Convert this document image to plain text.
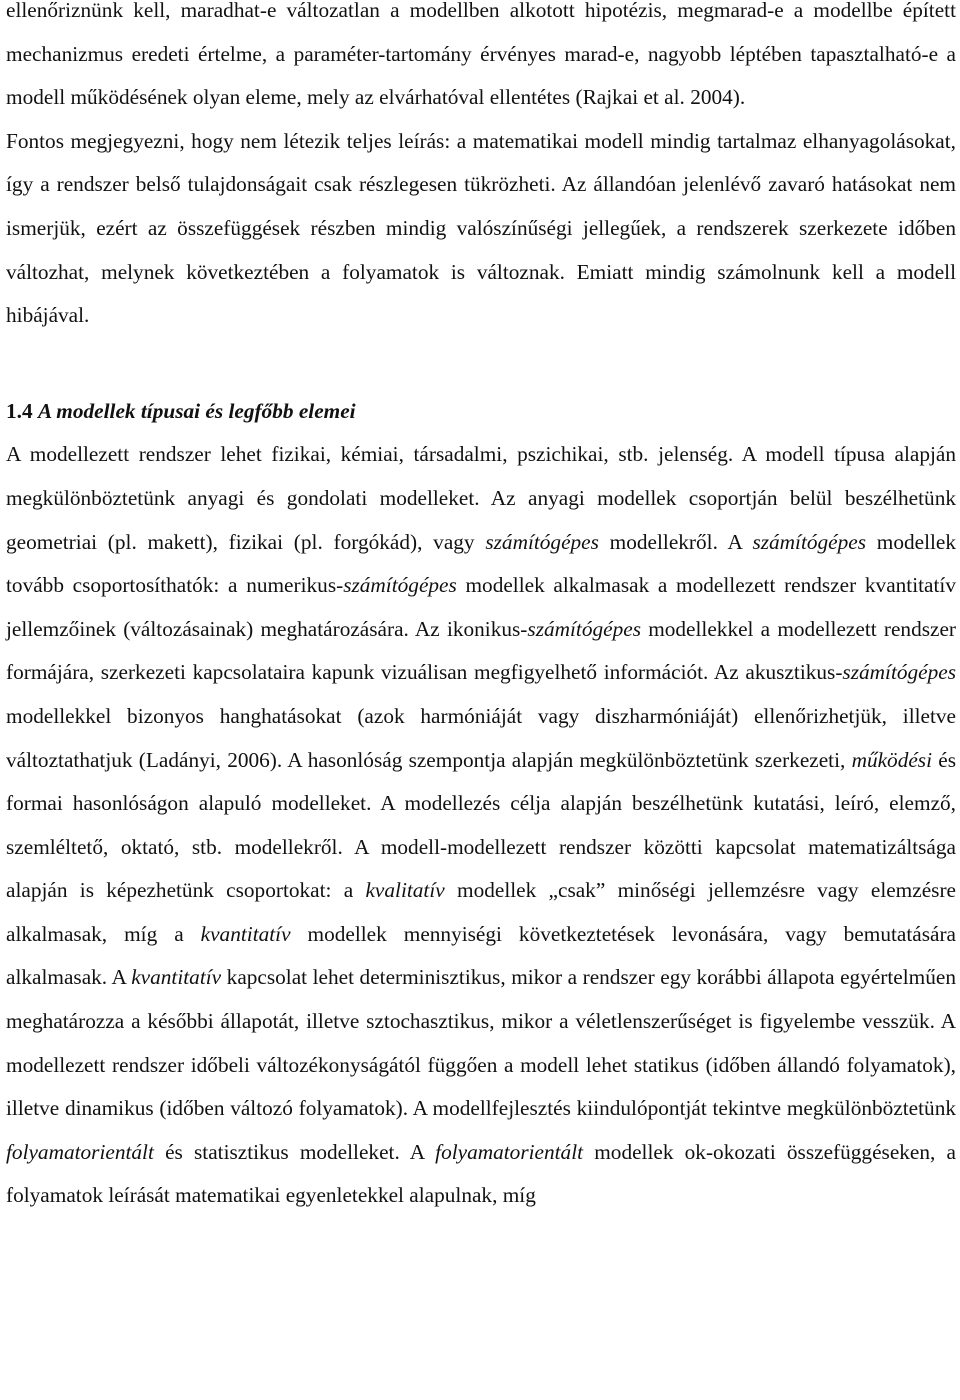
ellenőriznünk kell, maradhat-e változatlan a modellben alkotott hipotézis, megmarad-e a modellbe épített mechanizmus eredeti értelme, a paraméter-tartomány érvényes marad-e, nagyobb léptében tapasztalható-e a modell működésének olyan eleme, mely az elvárhatóval ellentétes (Rajkai et al. 2004).

Fontos megjegyezni, hogy nem létezik teljes leírás: a matematikai modell mindig tartalmaz elhanyagolásokat, így a rendszer belső tulajdonságait csak részlegesen tükrözheti. Az állandóan jelenlévő zavaró hatásokat nem ismerjük, ezért az összefüggések részben mindig valószínűségi jellegűek, a rendszerek szerkezete időben változhat, melynek következtében a folyamatok is változnak. Emiatt mindig számolnunk kell a modell hibájával.

1.4 A modellek típusai és legfőbb elemei

A modellezett rendszer lehet fizikai, kémiai, társadalmi, pszichikai, stb. jelenség. A modell típusa alapján megkülönböztetünk anyagi és gondolati modelleket. Az anyagi modellek csoportján belül beszélhetünk geometriai (pl. makett), fizikai (pl. forgókád), vagy számítógépes modellekről. A számítógépes modellek tovább csoportosíthatók: a numerikus-számítógépes modellek alkalmasak a modellezett rendszer kvantitatív jellemzőinek (változásainak) meghatározására. Az ikonikus-számítógépes modellekkel a modellezett rendszer formájára, szerkezeti kapcsolataira kapunk vizuálisan megfigyelhető információt. Az akusztikus-számítógépes modellekkel bizonyos hanghatásokat (azok harmóniáját vagy diszharmóniáját) ellenőrizhetjük, illetve változtathatjuk (Ladányi, 2006). A hasonlóság szempontja alapján megkülönböztetünk szerkezeti, működési és formai hasonlóságon alapuló modelleket. A modellezés célja alapján beszélhetünk kutatási, leíró, elemző, szemléltető, oktató, stb. modellekről. A modell-modellezett rendszer közötti kapcsolat matematizáltsága alapján is képezhetünk csoportokat: a kvalitatív modellek „csak” minőségi jellemzésre vagy elemzésre alkalmasak, míg a kvantitatív modellek mennyiségi következtetések levonására, vagy bemutatására alkalmasak. A kvantitatív kapcsolat lehet determinisztikus, mikor a rendszer egy korábbi állapota egyértelműen meghatározza a későbbi állapotát, illetve sztochasztikus, mikor a véletlenszerűséget is figyelembe vesszük. A modellezett rendszer időbeli változékonyságától függően a modell lehet statikus (időben állandó folyamatok), illetve dinamikus (időben változó folyamatok). A modellfejlesztés kiindulópontját tekintve megkülönböztetünk folyamatorientált és statisztikus modelleket. A folyamatorientált modellek ok-okozati összefüggéseken, a folyamatok leírását matematikai egyenletekkel alapulnak, míg
